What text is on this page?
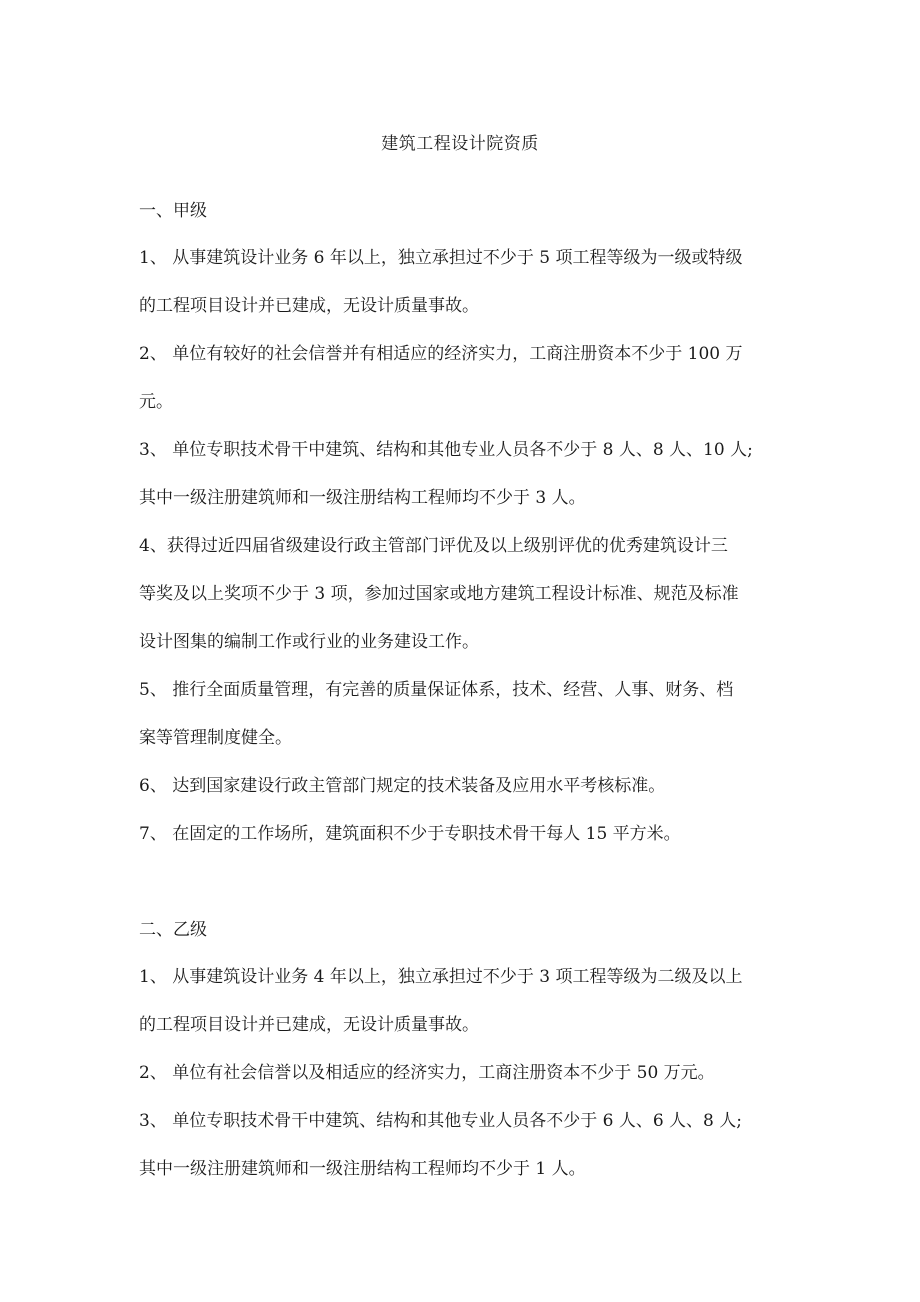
建筑工程设计院资质

一、甲级

1、 从事建筑设计业务 6 年以上，独立承担过不少于 5 项工程等级为一级或特级
的工程项目设计并已建成，无设计质量事故。
2、 单位有较好的社会信誉并有相适应的经济实力，工商注册资本不少于 100 万
元。
3、 单位专职技术骨干中建筑、结构和其他专业人员各不少于 8 人、8 人、10 人;
其中一级注册建筑师和一级注册结构工程师均不少于 3 人。
4、获得过近四届省级建设行政主管部门评优及以上级别评优的优秀建筑设计三
等奖及以上奖项不少于 3 项，参加过国家或地方建筑工程设计标准、规范及标准
设计图集的编制工作或行业的业务建设工作。
5、 推行全面质量管理，有完善的质量保证体系，技术、经营、人事、财务、档
案等管理制度健全。
6、 达到国家建设行政主管部门规定的技术装备及应用水平考核标准。
7、 在固定的工作场所，建筑面积不少于专职技术骨干每人 15 平方米。

二、乙级

1、 从事建筑设计业务 4 年以上，独立承担过不少于 3 项工程等级为二级及以上
的工程项目设计并已建成，无设计质量事故。
2、 单位有社会信誉以及相适应的经济实力，工商注册资本不少于 50 万元。
3、 单位专职技术骨干中建筑、结构和其他专业人员各不少于 6 人、6 人、8 人;
其中一级注册建筑师和一级注册结构工程师均不少于 1 人。
